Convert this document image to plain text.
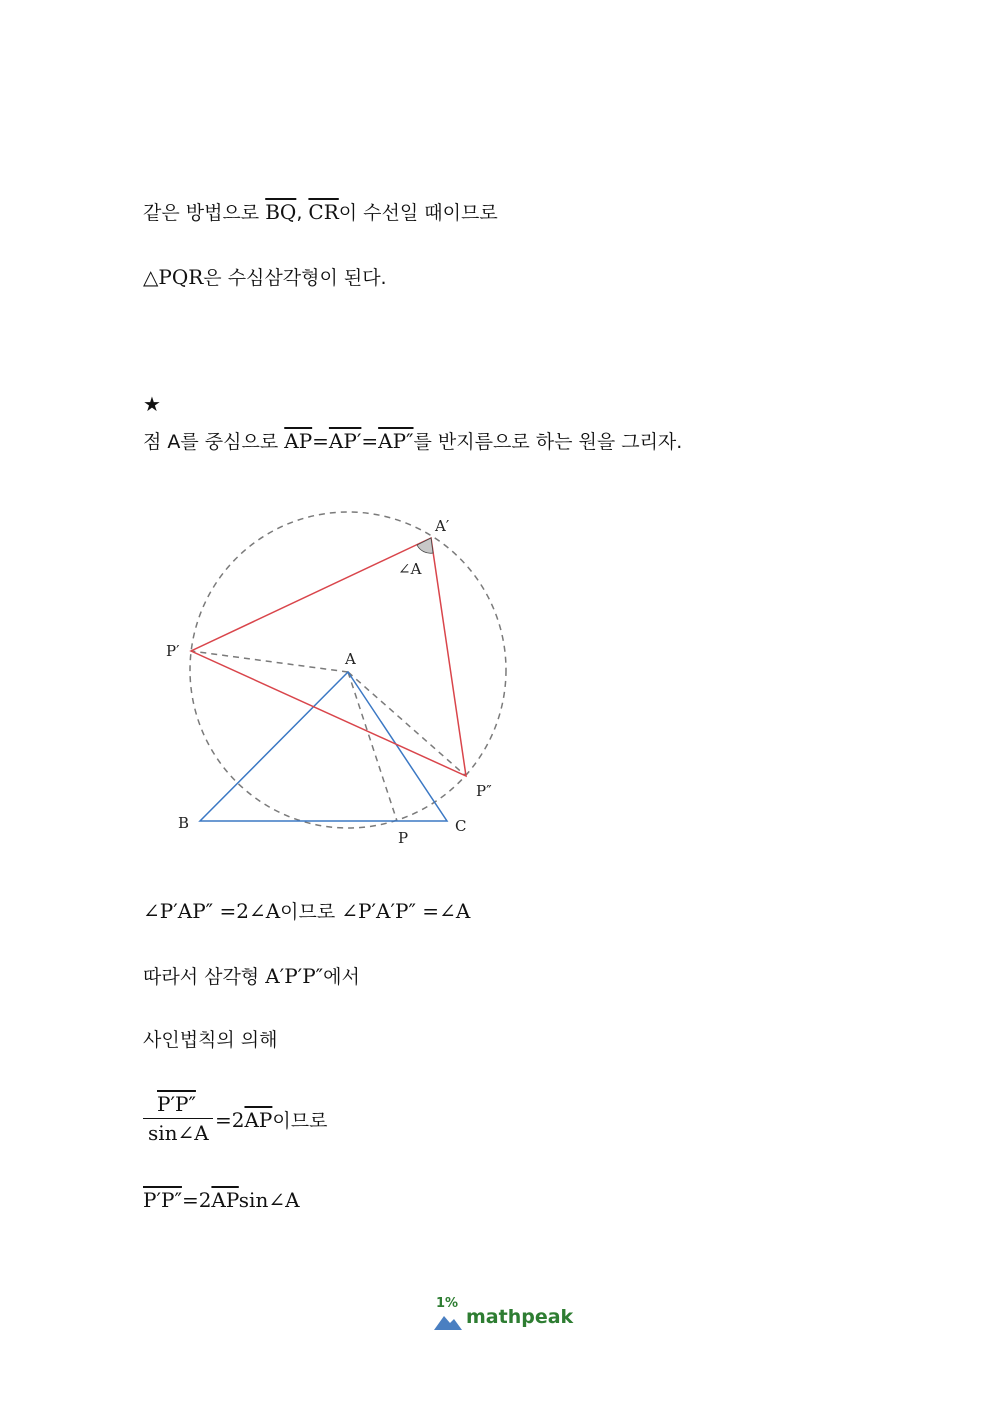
같은 방법으로 $\overline{BQ}$, $\overline{CR}$이 수선일 때이므로
△PQR은 수심삼각형이 된다.
★
점 A를 중심으로 $\overline{AP}=AP'=AP''$를 반지름으로 하는 원을 그리자.
A′
∠A
P′	A
P″
B	C
P
∠P′AP″ =2∠A이므로 ∠P′A′P″ =∠A
따라서 삼각형 A′P′P″에서
사인법칙의 의해
P′P″
sin∠A
$=2\overline{AP}$이므로
$P'P''=2\overline{AP}\sin\angle A$
1%
mathpeak
